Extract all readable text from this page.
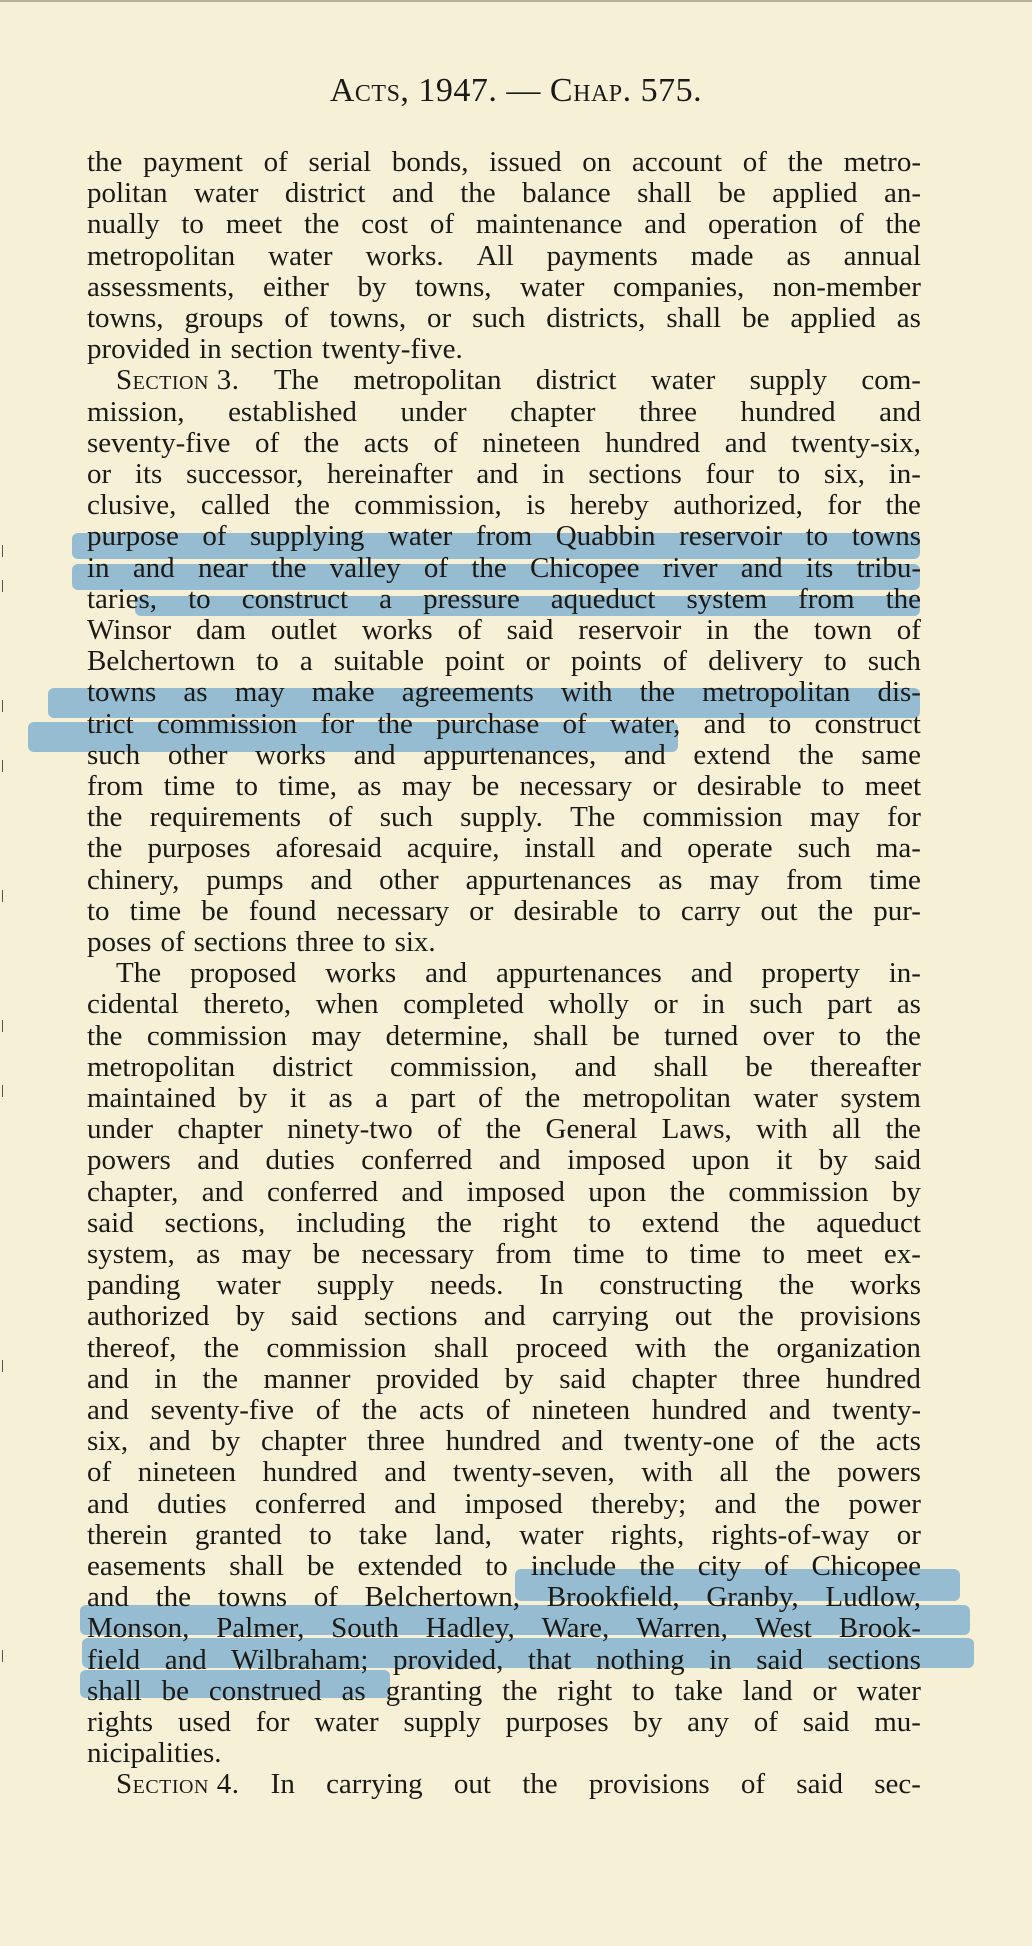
Acts, 1947. — Chap. 575.
the payment of serial bonds, issued on account of the metro-
politan water district and the balance shall be applied an-
nually to meet the cost of maintenance and operation of the
metropolitan water works. All payments made as annual
assessments, either by towns, water companies, non-member
towns, groups of towns, or such districts, shall be applied as
provided in section twenty-five.
Section 3. The metropolitan district water supply com-
mission, established under chapter three hundred and
seventy-five of the acts of nineteen hundred and twenty-six,
or its successor, hereinafter and in sections four to six, in-
clusive, called the commission, is hereby authorized, for the
purpose of supplying water from Quabbin reservoir to towns
in and near the valley of the Chicopee river and its tribu-
taries, to construct a pressure aqueduct system from the
Winsor dam outlet works of said reservoir in the town of
Belchertown to a suitable point or points of delivery to such
towns as may make agreements with the metropolitan dis-
trict commission for the purchase of water, and to construct
such other works and appurtenances, and extend the same
from time to time, as may be necessary or desirable to meet
the requirements of such supply. The commission may for
the purposes aforesaid acquire, install and operate such ma-
chinery, pumps and other appurtenances as may from time
to time be found necessary or desirable to carry out the pur-
poses of sections three to six.
The proposed works and appurtenances and property in-
cidental thereto, when completed wholly or in such part as
the commission may determine, shall be turned over to the
metropolitan district commission, and shall be thereafter
maintained by it as a part of the metropolitan water system
under chapter ninety-two of the General Laws, with all the
powers and duties conferred and imposed upon it by said
chapter, and conferred and imposed upon the commission by
said sections, including the right to extend the aqueduct
system, as may be necessary from time to time to meet ex-
panding water supply needs. In constructing the works
authorized by said sections and carrying out the provisions
thereof, the commission shall proceed with the organization
and in the manner provided by said chapter three hundred
and seventy-five of the acts of nineteen hundred and twenty-
six, and by chapter three hundred and twenty-one of the acts
of nineteen hundred and twenty-seven, with all the powers
and duties conferred and imposed thereby; and the power
therein granted to take land, water rights, rights-of-way or
easements shall be extended to include the city of Chicopee
and the towns of Belchertown, Brookfield, Granby, Ludlow,
Monson, Palmer, South Hadley, Ware, Warren, West Brook-
field and Wilbraham; provided, that nothing in said sections
shall be construed as granting the right to take land or water
rights used for water supply purposes by any of said mu-
nicipalities.
Section 4. In carrying out the provisions of said sec-
